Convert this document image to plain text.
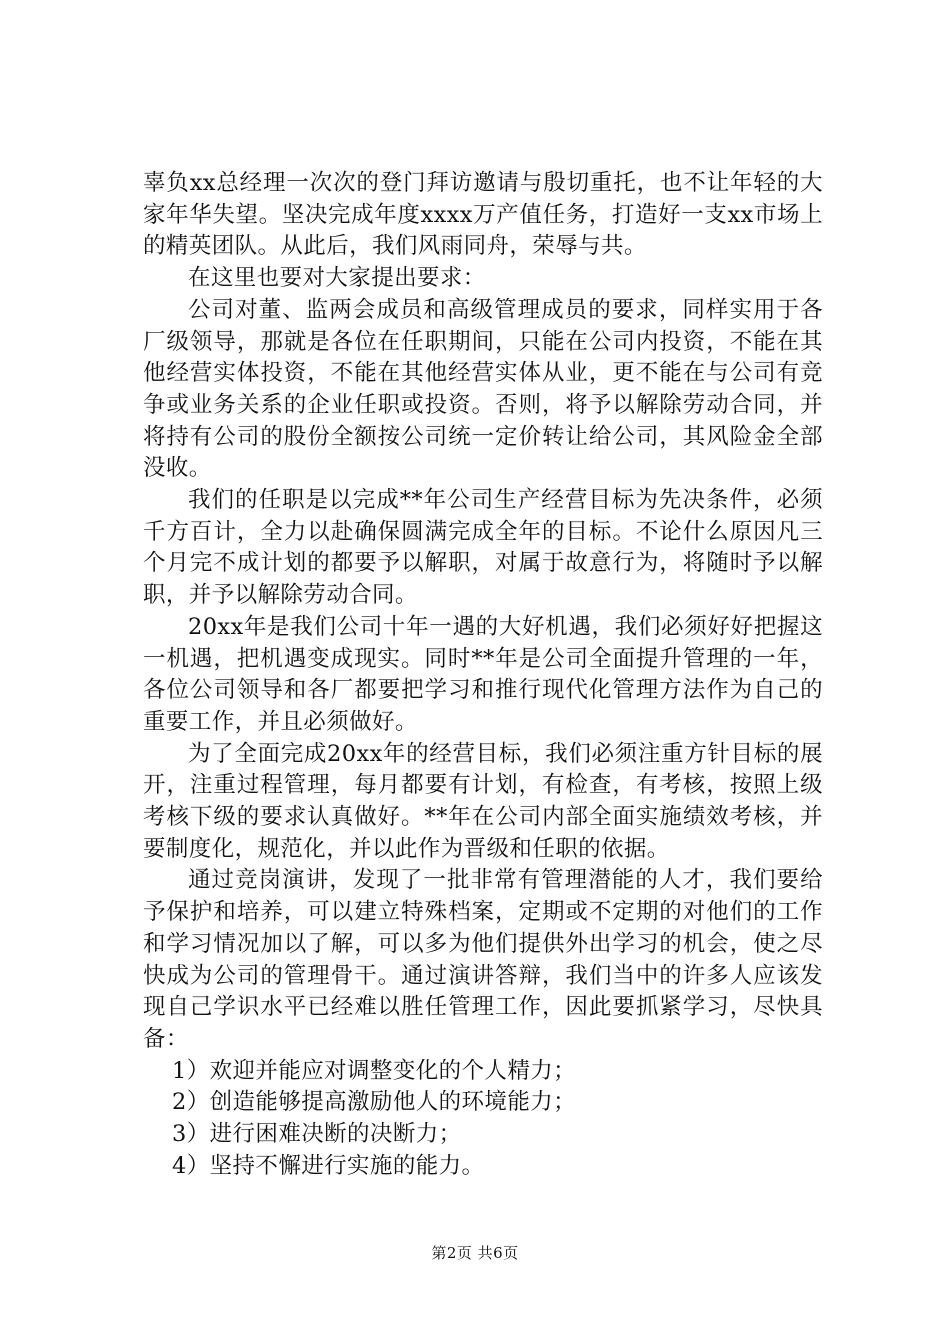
辜负xx总经理一次次的登门拜访邀请与殷切重托，也不让年轻的大家年华失望。坚决完成年度xxxx万产值任务，打造好一支xx市场上的精英团队。从此后，我们风雨同舟，荣辱与共。

在这里也要对大家提出要求：

公司对董、监两会成员和高级管理成员的要求，同样实用于各厂级领导，那就是各位在任职期间，只能在公司内投资，不能在其他经营实体投资，不能在其他经营实体从业，更不能在与公司有竞争或业务关系的企业任职或投资。否则，将予以解除劳动合同，并将持有公司的股份全额按公司统一定价转让给公司，其风险金全部没收。

我们的任职是以完成**年公司生产经营目标为先决条件，必须千方百计，全力以赴确保圆满完成全年的目标。不论什么原因凡三个月完不成计划的都要予以解职，对属于故意行为，将随时予以解职，并予以解除劳动合同。

20xx年是我们公司十年一遇的大好机遇，我们必须好好把握这一机遇，把机遇变成现实。同时**年是公司全面提升管理的一年，各位公司领导和各厂都要把学习和推行现代化管理方法作为自己的重要工作，并且必须做好。

为了全面完成20xx年的经营目标，我们必须注重方针目标的展开，注重过程管理，每月都要有计划，有检查，有考核，按照上级考核下级的要求认真做好。**年在公司内部全面实施绩效考核，并要制度化，规范化，并以此作为晋级和任职的依据。

通过竞岗演讲，发现了一批非常有管理潜能的人才，我们要给予保护和培养，可以建立特殊档案，定期或不定期的对他们的工作和学习情况加以了解，可以多为他们提供外出学习的机会，使之尽快成为公司的管理骨干。通过演讲答辩，我们当中的许多人应该发现自己学识水平已经难以胜任管理工作，因此要抓紧学习，尽快具备：

1）欢迎并能应对调整变化的个人精力；

2）创造能够提高激励他人的环境能力；

3）进行困难决断的决断力；

4）坚持不懈进行实施的能力。

第2页 共6页
